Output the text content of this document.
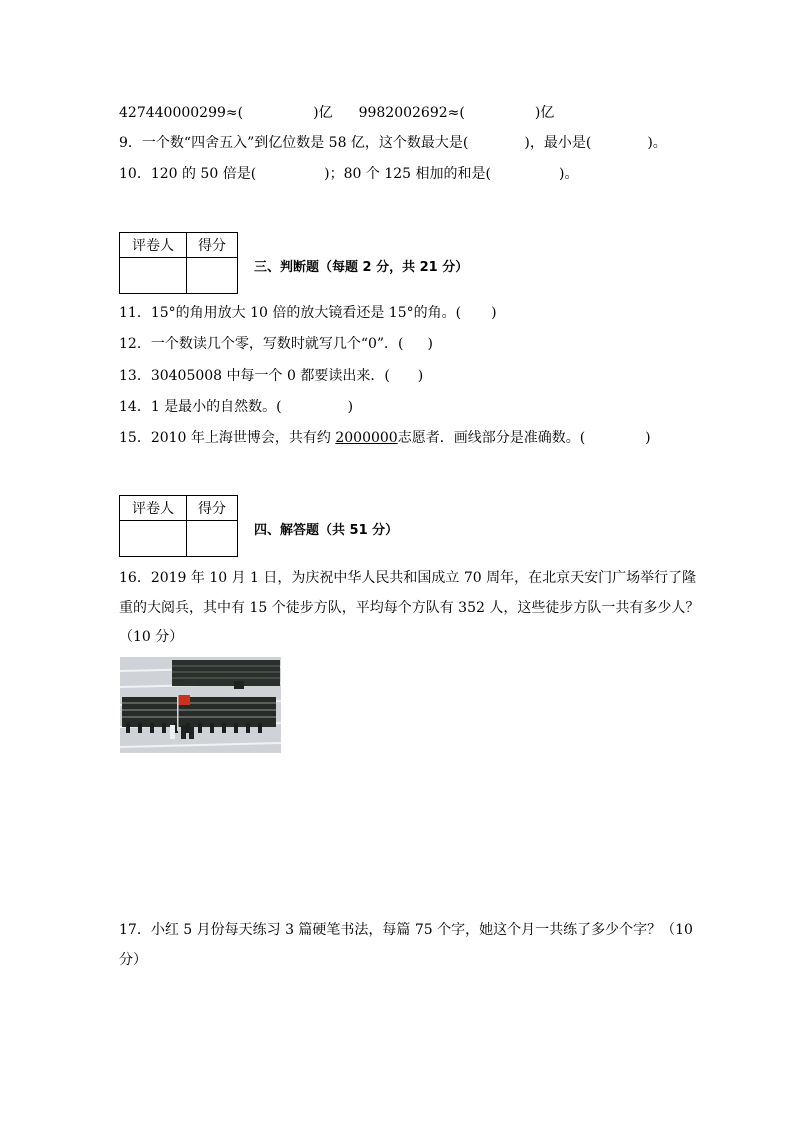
427440000299≈(	)亿 9982002692≈(	)亿
9．一个数“四舍五入”到亿位数是 58 亿，这个数最大是(	)，最小是(	)。
10．120 的 50 倍是(	)；80 个 125 相加的和是(	)。
评卷人	得分

三、判断题（每题 2 分，共 21 分）
11．15°的角用放大 10 倍的放大镜看还是 15°的角。( )
12．一个数读几个零，写数时就写几个“0”．( )
13．30405008 中每一个 0 都要读出来．( )
14．1 是最小的自然数。(	)
15．2010 年上海世博会，共有约 2000000志愿者．画线部分是准确数。(	)
评卷人	得分

四、解答题（共 51 分）
16．2019 年 10 月 1 日，为庆祝中华人民共和国成立 70 周年，在北京天安门广场举行了隆
重的大阅兵，其中有 15 个徒步方队，平均每个方队有 352 人，这些徒步方队一共有多少人？
（10 分）
17．小红 5 月份每天练习 3 篇硬笔书法，每篇 75 个字，她这个月一共练了多少个字？（10
分）
